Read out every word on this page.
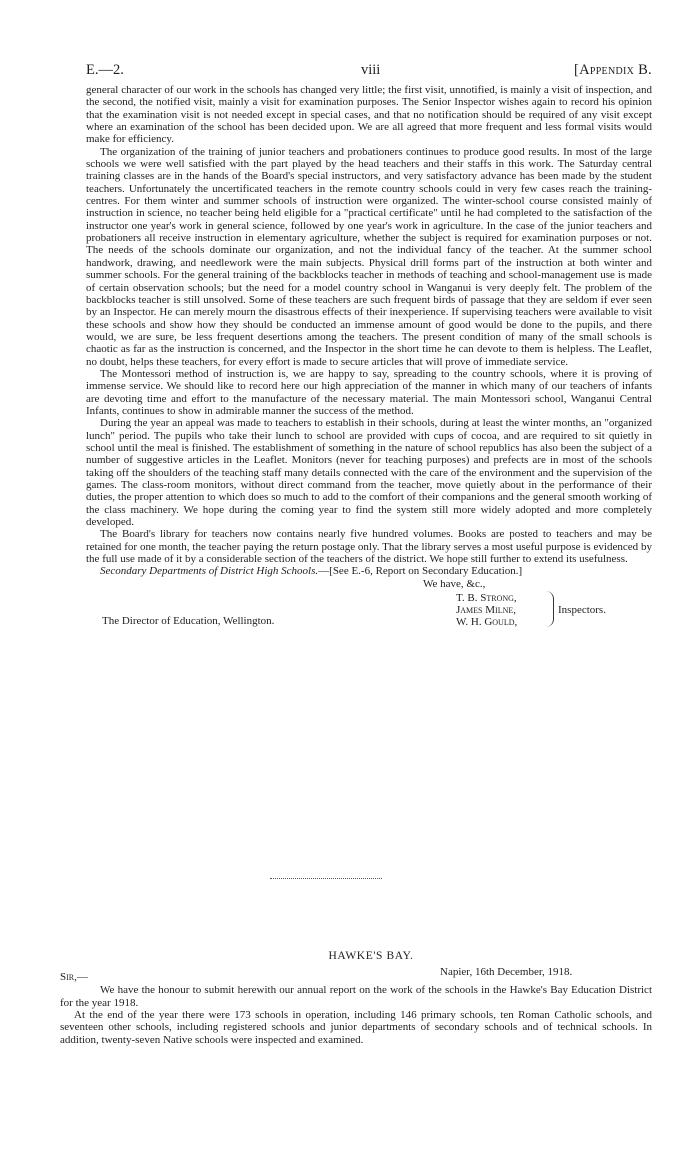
E.—2.	viii	[Appendix B.

general character of our work in the schools has changed very little; the first visit, unnotified, is mainly a visit of inspection, and the second, the notified visit, mainly a visit for examination purposes. The Senior Inspector wishes again to record his opinion that the examination visit is not needed except in special cases, and that no notification should be required of any visit except where an examination of the school has been decided upon. We are all agreed that more frequent and less formal visits would make for efficiency.

The organization of the training of junior teachers and probationers continues to produce good results. In most of the large schools we were well satisfied with the part played by the head teachers and their staffs in this work. The Saturday central training classes are in the hands of the Board's special instructors, and very satisfactory advance has been made by the student teachers. Unfortunately the uncertificated teachers in the remote country schools could in very few cases reach the training-centres. For them winter and summer schools of instruction were organized. The winter-school course consisted mainly of instruction in science, no teacher being held eligible for a "practical certificate" until he had completed to the satisfaction of the instructor one year's work in general science, followed by one year's work in agriculture. In the case of the junior teachers and probationers all receive instruction in elementary agriculture, whether the subject is required for examination purposes or not. The needs of the schools dominate our organization, and not the individual fancy of the teacher. At the summer school handwork, drawing, and needlework were the main subjects. Physical drill forms part of the instruction at both winter and summer schools. For the general training of the backblocks teacher in methods of teaching and school-management use is made of certain observation schools; but the need for a model country school in Wanganui is very deeply felt. The problem of the backblocks teacher is still unsolved. Some of these teachers are such frequent birds of passage that they are seldom if ever seen by an Inspector. He can merely mourn the disastrous effects of their inexperience. If supervising teachers were available to visit these schools and show how they should be conducted an immense amount of good would be done to the pupils, and there would, we are sure, be less frequent desertions among the teachers. The present condition of many of the small schools is chaotic as far as the instruction is concerned, and the Inspector in the short time he can devote to them is helpless. The Leaflet, no doubt, helps these teachers, for every effort is made to secure articles that will prove of immediate service.

The Montessori method of instruction is, we are happy to say, spreading to the country schools, where it is proving of immense service. We should like to record here our high appreciation of the manner in which many of our teachers of infants are devoting time and effort to the manufacture of the necessary material. The main Montessori school, Wanganui Central Infants, continues to show in admirable manner the success of the method.

During the year an appeal was made to teachers to establish in their schools, during at least the winter months, an "organized lunch" period. The pupils who take their lunch to school are provided with cups of cocoa, and are required to sit quietly in school until the meal is finished. The establishment of something in the nature of school republics has also been the subject of a number of suggestive articles in the Leaflet. Monitors (never for teaching purposes) and prefects are in most of the schools taking off the shoulders of the teaching staff many details connected with the care of the environment and the supervision of the games. The class-room monitors, without direct command from the teacher, move quietly about in the performance of their duties, the proper attention to which does so much to add to the comfort of their companions and the general smooth working of the class machinery. We hope during the coming year to find the system still more widely adopted and more completely developed.

The Board's library for teachers now contains nearly five hundred volumes. Books are posted to teachers and may be retained for one month, the teacher paying the return postage only. That the library serves a most useful purpose is evidenced by the full use made of it by a considerable section of the teachers of the district. We hope still further to extend its usefulness.

Secondary Departments of District High Schools.—[See E.-6, Report on Secondary Education.]

We have, &c.,
T. B. Strong,
James Milne,
W. H. Gould,
Inspectors.
The Director of Education, Wellington.
HAWKE'S BAY.
Sir,—	Napier, 16th December, 1918.

We have the honour to submit herewith our annual report on the work of the schools in the Hawke's Bay Education District for the year 1918.

At the end of the year there were 173 schools in operation, including 146 primary schools, ten Roman Catholic schools, and seventeen other schools, including registered schools and junior departments of secondary schools and of technical schools. In addition, twenty-seven Native schools were inspected and examined.
